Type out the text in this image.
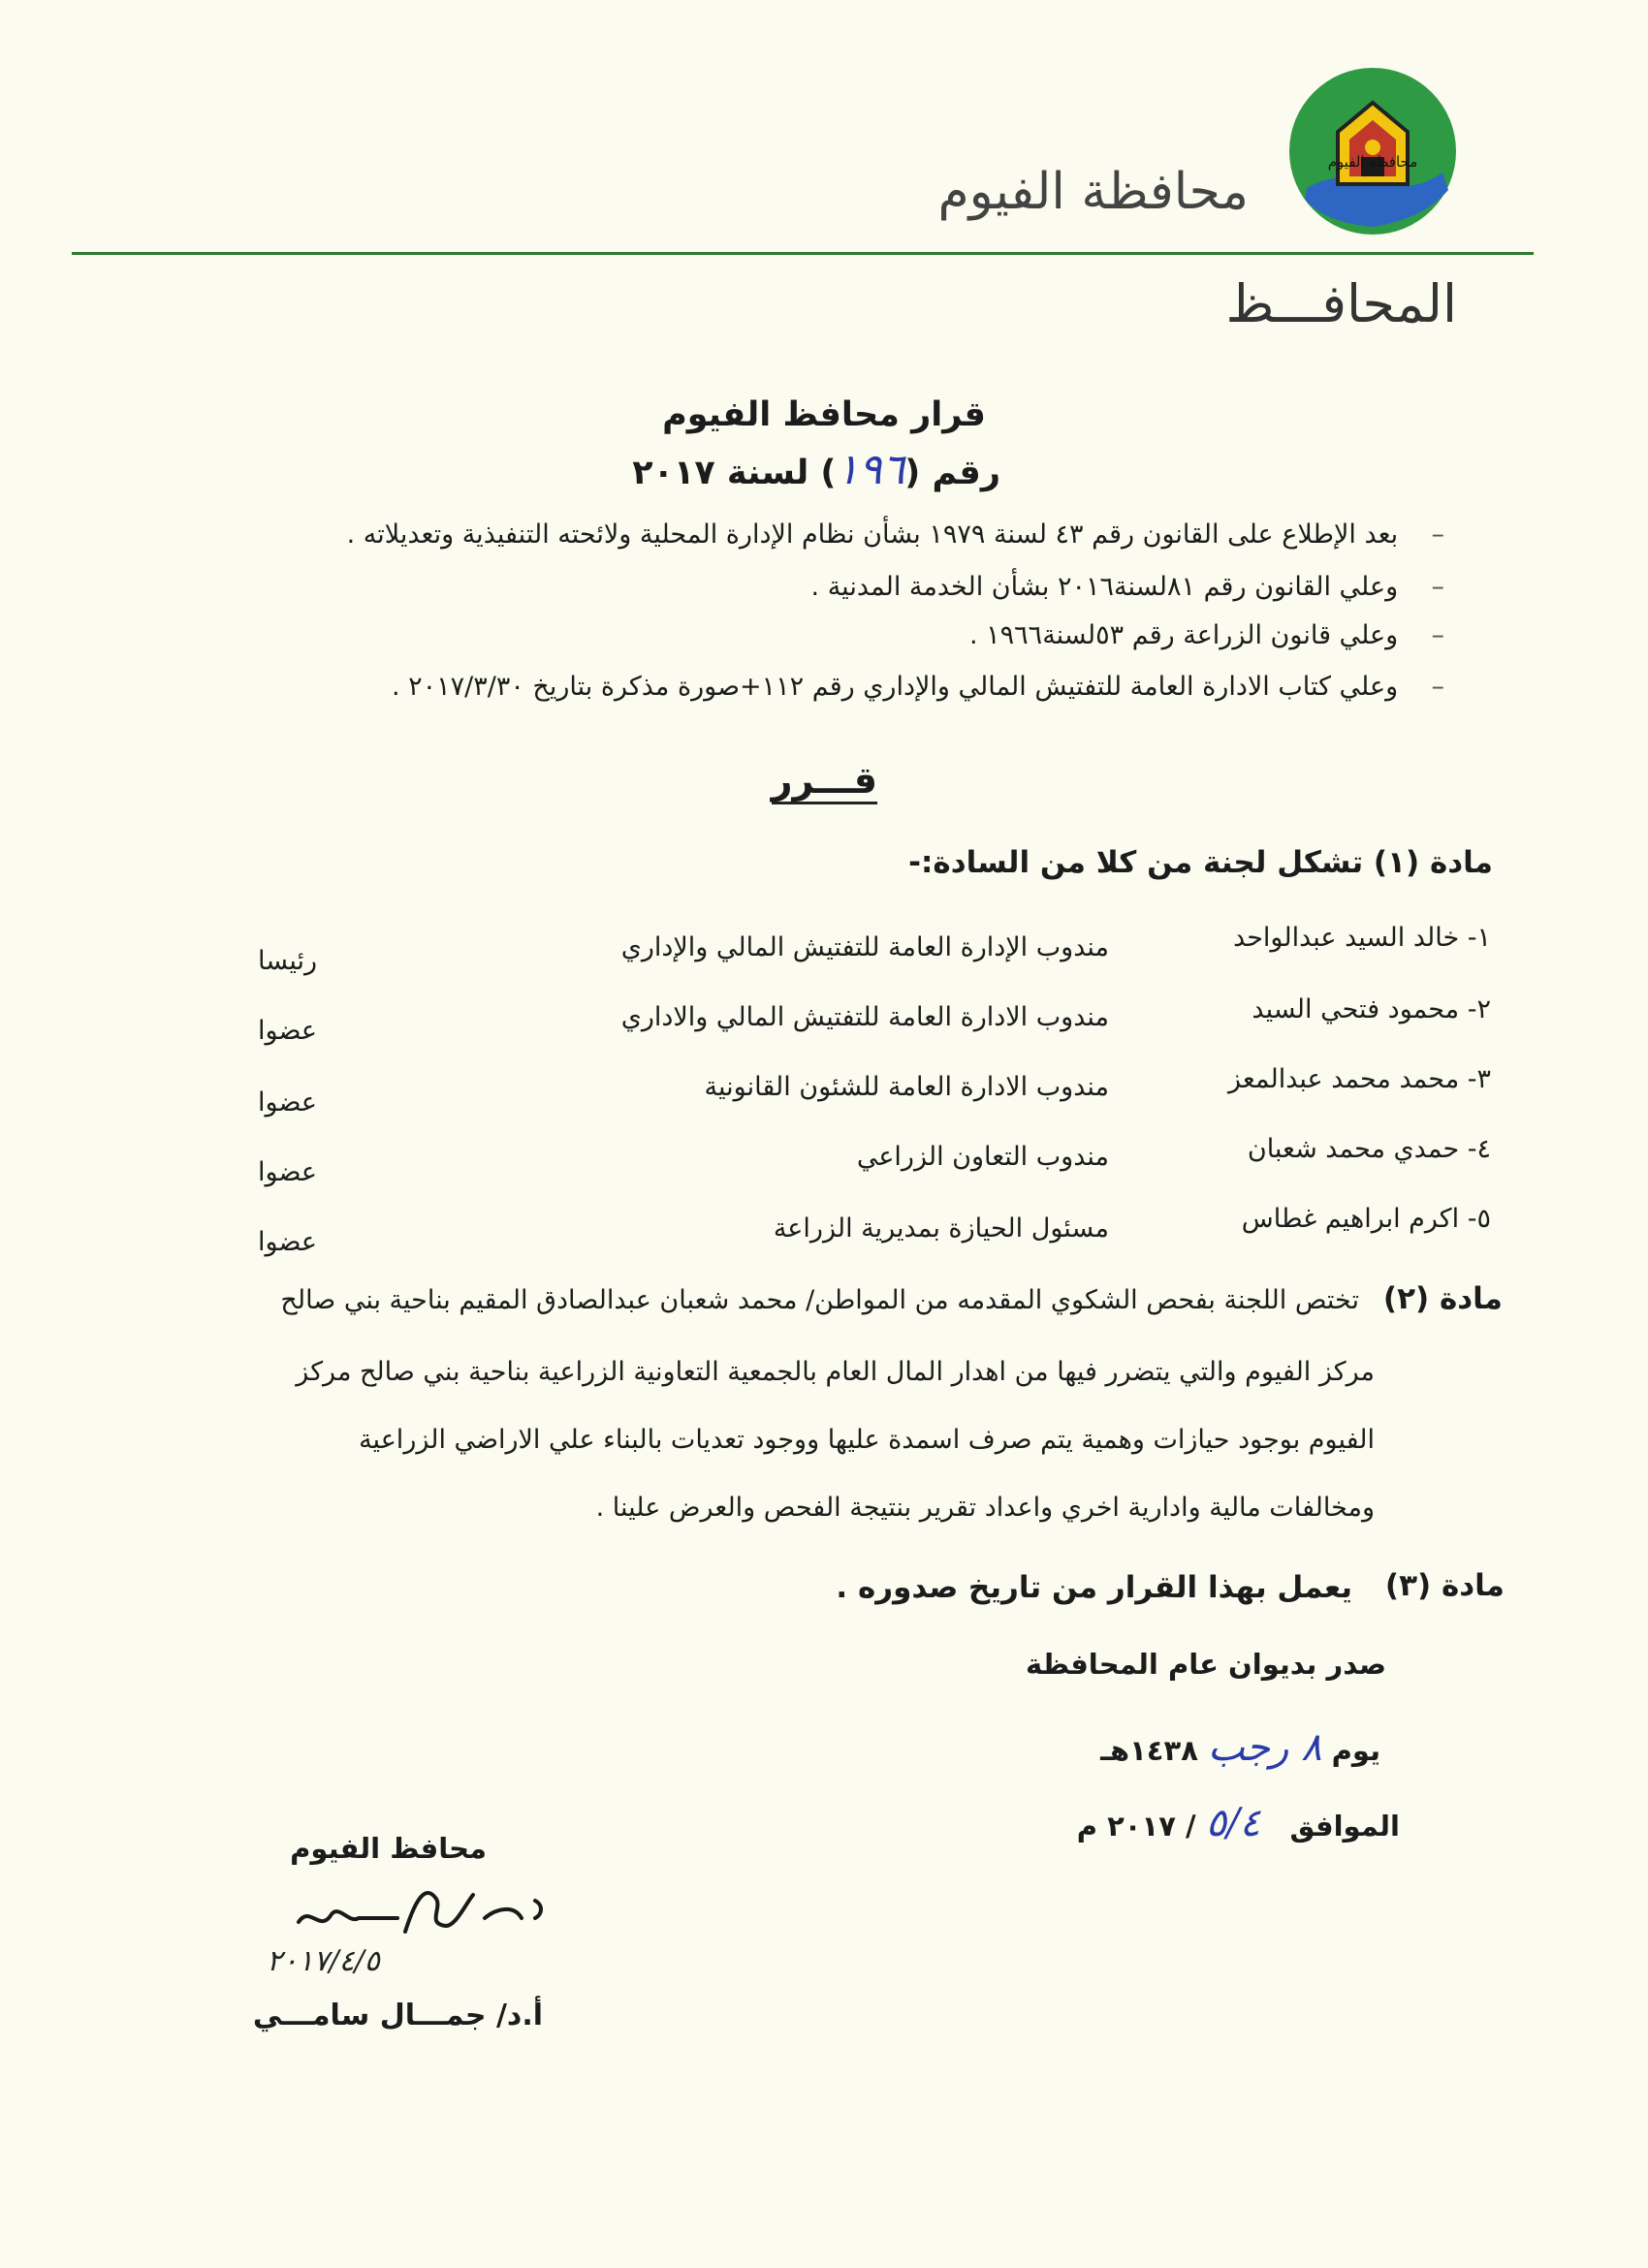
محافظة الفيوم
محافظة الفيوم
المحافـــظ
قرار محافظ الفيوم
رقم (١٩٦) لسنة ٢٠١٧
–    بعد الإطلاع على القانون رقم ٤٣ لسنة ١٩٧٩ بشأن نظام الإدارة المحلية ولائحته التنفيذية وتعديلاته .
–    وعلي القانون رقم ٨١لسنة٢٠١٦ بشأن الخدمة المدنية .
–    وعلي قانون الزراعة رقم ٥٣لسنة١٩٦٦ .
–    وعلي كتاب الادارة العامة للتفتيش المالي والإداري رقم ١١٢+صورة مذكرة بتاريخ ٢٠١٧/٣/٣٠ .
قـــرر
مادة (١) تشكل لجنة من كلا من السادة:-
١- خالد السيد عبدالواحد
مندوب الإدارة العامة للتفتيش المالي والإداري
رئيسا
٢- محمود فتحي السيد
مندوب الادارة العامة للتفتيش المالي والاداري
عضوا
٣- محمد محمد عبدالمعز
مندوب الادارة العامة للشئون القانونية
عضوا
٤- حمدي محمد شعبان
مندوب التعاون الزراعي
عضوا
٥- اكرم ابراهيم غطاس
مسئول الحيازة بمديرية الزراعة
عضوا
مادة (٢)
تختص اللجنة بفحص الشكوي المقدمه من المواطن/ محمد شعبان عبدالصادق المقيم بناحية بني صالح
مركز الفيوم والتي يتضرر فيها من اهدار المال العام بالجمعية التعاونية الزراعية بناحية بني صالح مركز
الفيوم بوجود حيازات وهمية يتم صرف اسمدة عليها ووجود تعديات بالبناء علي الاراضي الزراعية
ومخالفات مالية وادارية اخري واعداد تقرير بنتيجة الفحص والعرض علينا .
مادة (٣)
يعمل بهذا القرار من تاريخ صدوره .
صدر بديوان عام المحافظة
يوم ٨ رجب ١٤٣٨هـ
الموافق   ٥/٤ / ٢٠١٧ م
محافظ الفيوم
٢٠١٧/٤/٥
أ.د/ جمـــال سامـــي
